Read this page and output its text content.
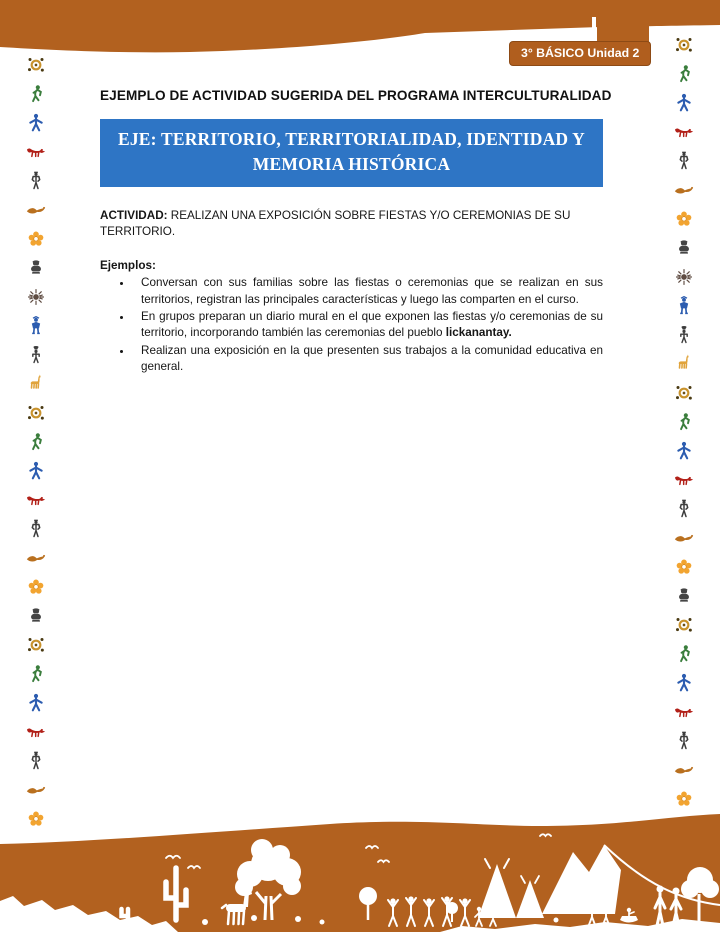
3° BÁSICO Unidad 2
EJEMPLO DE ACTIVIDAD SUGERIDA DEL PROGRAMA INTERCULTURALIDAD
EJE: TERRITORIO, TERRITORIALIDAD, IDENTIDAD Y
MEMORIA HISTÓRICA
ACTIVIDAD: REALIZAN UNA EXPOSICIÓN SOBRE FIESTAS Y/O CEREMONIAS DE SU TERRITORIO.
Ejemplos:
• Conversan con sus familias sobre las fiestas o ceremonias que se realizan en sus territorios, registran las principales características y luego las comparten en el curso.
• En grupos preparan un diario mural en el que exponen las fiestas y/o ceremonias de su territorio, incorporando también las ceremonias del pueblo lickanantay.
• Realizan una exposición en la que presenten sus trabajos a la comunidad educativa en general.
